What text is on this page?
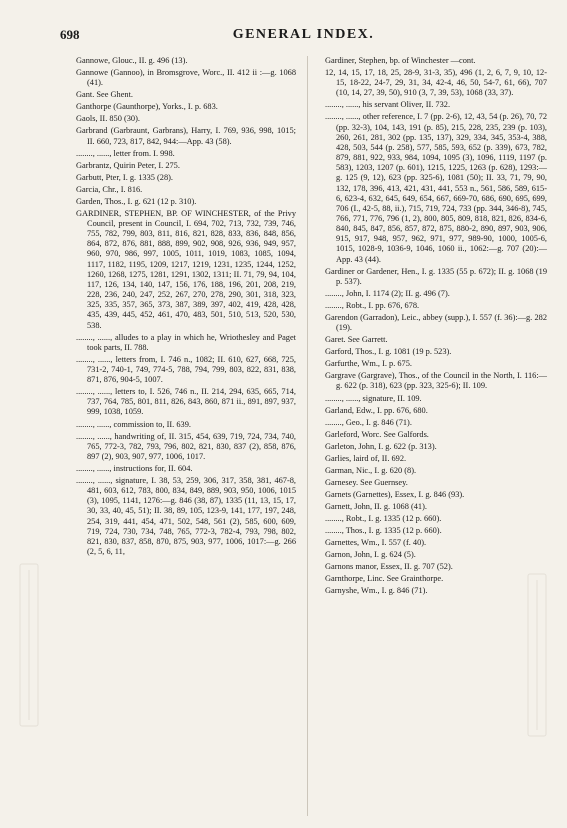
698	GENERAL INDEX.

Gannowe, Glouc., II. g. 496 (13).

Gannowe (Gannoo), in Bromsgrove, Worc., II. 412 ii :—g. 1068 (41).

Gant. See Ghent.

Ganthorpe (Gaunthorpe), Yorks., I. p. 683.

Gaols, II. 850 (30).

Garbrand (Garbraunt, Garbrans), Harry, I. 769, 936, 998, 1015; II. 660, 723, 817, 842, 944:—App. 43 (58).

........, ......, letter from. I. 998.

Garbrantz, Quirin Peter, I. 275.

Garbutt, Pter, I. g. 1335 (28).

Garcia, Chr., I. 816.

Garden, Thos., I. g. 621 (12 p. 310).

GARDINER, STEPHEN, BP. OF WINCHESTER, of the Privy Council, present in Council, I. 694, 702, 713, 732, 739, 746, 755, 782, 799, 803, 811, 816, 821, 828, 833, 836, 848, 856, 864, 872, 876, 881, 888, 899, 902, 908, 926, 936, 949, 957, 960, 970, 986, 997, 1005, 1011, 1019, 1083, 1085, 1094, 1117, 1182, 1195, 1209, 1217, 1219, 1231, 1235, 1244, 1252, 1260, 1268, 1275, 1281, 1291, 1302, 1311; II. 71, 79, 94, 104, 117, 126, 134, 140, 147, 156, 176, 188, 196, 201, 208, 219, 228, 236, 240, 247, 252, 267, 270, 278, 290, 301, 318, 323, 325, 335, 357, 365, 373, 387, 389, 397, 402, 419, 428, 428, 435, 439, 445, 452, 461, 470, 483, 501, 510, 513, 520, 530, 538.

........, ......, alludes to a play in which he, Wriothesley and Paget took parts, II. 788.

........, ......, letters from, I. 746 n., 1082; II. 610, 627, 668, 725, 731-2, 740-1, 749, 774-5, 788, 794, 799, 803, 822, 831, 838, 871, 876, 904-5, 1007.

........, ......, letters to, I. 526, 746 n., II. 214, 294, 635, 665, 714, 737, 764, 785, 801, 811, 826, 843, 860, 871 ii., 891, 897, 937, 999, 1038, 1059.

........, ......, commission to, II. 639.

........, ......, handwriting of, II. 315, 454, 639, 719, 724, 734, 740, 765, 772-3, 782, 793, 796, 802, 821, 830, 837 (2), 858, 876, 897 (2), 903, 907, 977, 1006, 1017.

........, ......, instructions for, II. 604.

........, ......, signature, I. 38, 53, 259, 306, 317, 358, 381, 467-8, 481, 603, 612, 783, 800, 834, 849, 889, 903, 950, 1006, 1015 (3), 1095, 1141, 1276:—g. 846 (38, 87), 1335 (11, 13, 15, 17, 30, 33, 40, 45, 51); II. 38, 89, 105, 123-9, 141, 177, 197, 248, 254, 319, 441, 454, 471, 502, 548, 561 (2), 585, 600, 609, 719, 724, 730, 734, 748, 765, 772-3, 782-4, 793, 798, 802, 821, 830, 837, 858, 870, 875, 903, 977, 1006, 1017:—g. 266 (2, 5, 6, 11,

Gardiner, Stephen, bp. of Winchester —cont.

12, 14, 15, 17, 18, 25, 28-9, 31-3, 35), 496 (1, 2, 6, 7, 9, 10, 12-15, 18-22, 24-7, 29, 31, 34, 42-4, 46, 50, 54-7, 61, 66), 707 (10, 14, 27, 39, 50), 910 (3, 7, 39, 53), 1068 (33, 37).

........, ......, his servant Oliver, II. 732.

........, ......, other reference, I. 7 (pp. 2-6), 12, 43, 54 (p. 26), 70, 72 (pp. 32-3), 104, 143, 191 (p. 85), 215, 228, 235, 239 (p. 103), 260, 261, 281, 302 (pp. 135, 137), 329, 334, 345, 353-4, 388, 428, 503, 544 (p. 258), 577, 585, 593, 652 (p. 339), 673, 782, 879, 881, 922, 933, 984, 1094, 1095 (3), 1096, 1119, 1197 (p. 583), 1203, 1207 (p. 601), 1215, 1225, 1263 (p. 628), 1293:—g. 125 (9, 12), 623 (pp. 325-6), 1081 (50); II. 33, 71, 79, 90, 132, 178, 396, 413, 421, 431, 441, 553 n., 561, 586, 589, 615-6, 623-4, 632, 645, 649, 654, 667, 669-70, 686, 690, 695, 699, 706 (I., 42-5, 88, ii.), 715, 719, 724, 733 (pp. 344, 346-8), 745, 766, 771, 776, 796 (1, 2), 800, 805, 809, 818, 821, 826, 834-6, 840, 845, 847, 856, 857, 872, 875, 880-2, 890, 897, 903, 906, 915, 917, 948, 957, 962, 971, 977, 989-90, 1000, 1005-6, 1015, 1028-9, 1036-9, 1046, 1060 ii., 1062:—g. 707 (20):—App. 43 (44).

Gardiner or Gardener, Hen., I. g. 1335 (55 p. 672); II. g. 1068 (19 p. 537).

........, John, I. 1174 (2); II. g. 496 (7).

........, Robt., I. pp. 676, 678.

Garendon (Garradon), Leic., abbey (supp.), I. 557 (f. 36):—g. 282 (19).

Garet. See Garrett.

Garford, Thos., I. g. 1081 (19 p. 523).

Garfurthe, Wm., I. p. 675.

Gargrave (Gargrave), Thos., of the Council in the North, I. 116:—g. 622 (p. 318), 623 (pp. 323, 325-6); II. 109.

........, ......, signature, II. 109.

Garland, Edw., I. pp. 676, 680.

........, Geo., I. g. 846 (71).

Garleford, Worc. See Galfords.

Garleton, John, I. g. 622 (p. 313).

Garlies, laird of, II. 692.

Garman, Nic., I. g. 620 (8).

Garnesey. See Guernsey.

Garnets (Garnettes), Essex, I. g. 846 (93).

Garnett, John, II. g. 1068 (41).

........, Robt., I. g. 1335 (12 p. 660).

........, Thos., I. g. 1335 (12 p. 660).

Garnettes, Wm., I. 557 (f. 40).

Garnon, John, I. g. 624 (5).

Garnons manor, Essex, II. g. 707 (52).

Garnthorpe, Linc. See Grainthorpe.

Garnyshe, Wm., I. g. 846 (71).
